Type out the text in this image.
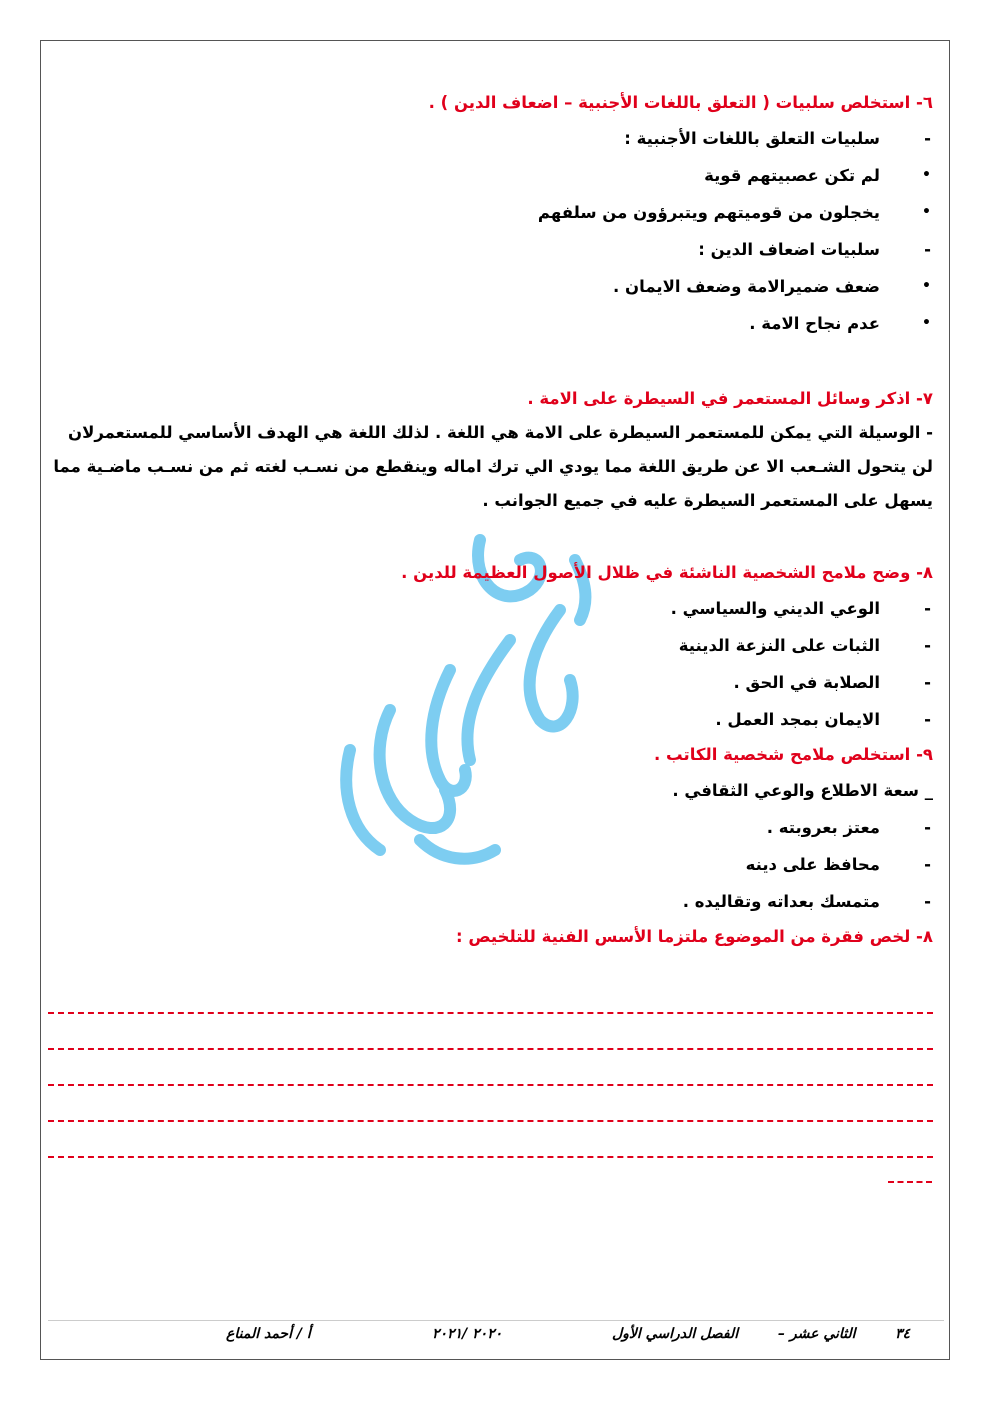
٦- استخلص سلبيات ( التعلق باللغات الأجنبية – اضعاف الدين ) .
-
سلبيات التعلق باللغات الأجنبية :
•
لم تكن عصبيتهم قوية
•
يخجلون من قوميتهم ويتبرؤون من سلفهم
-
سلبيات اضعاف الدين :
•
ضعف ضميرالامة وضعف الايمان .
•
عدم نجاح الامة .
٧- اذكر وسائل المستعمر في السيطرة على الامة .
- الوسيلة التي يمكن للمستعمر السيطرة على الامة هي اللغة . لذلك اللغة هي الهدف الأساسي للمستعمرلان
لن يتحول الشـعب الا عن طريق اللغة مما يودي الي ترك اماله وينقطع من نسـب لغته ثم من نسـب ماضـية مما
يسهل على المستعمر السيطرة عليه في جميع الجوانب .
٨- وضح ملامح الشخصية الناشئة في ظلال الأصول العظيمة للدين .
-
الوعي الديني والسياسي .
-
الثبات على النزعة الدينية
-
الصلابة في الحق .
-
الايمان بمجد العمل .
٩- استخلص ملامح شخصية الكاتب .
_ سعة الاطلاع والوعي الثقافي .
-
معتز بعروبته .
-
محافظ على دينه
-
متمسك بعداته وتقاليده .
٨- لخص فقرة من الموضوع ملتزما الأسس الفنية للتلخيص :
٣٤
الثاني عشر –
الفصل الدراسي الأول
٢٠٢٠ /٢٠٢١
أ / أحمد المناع
